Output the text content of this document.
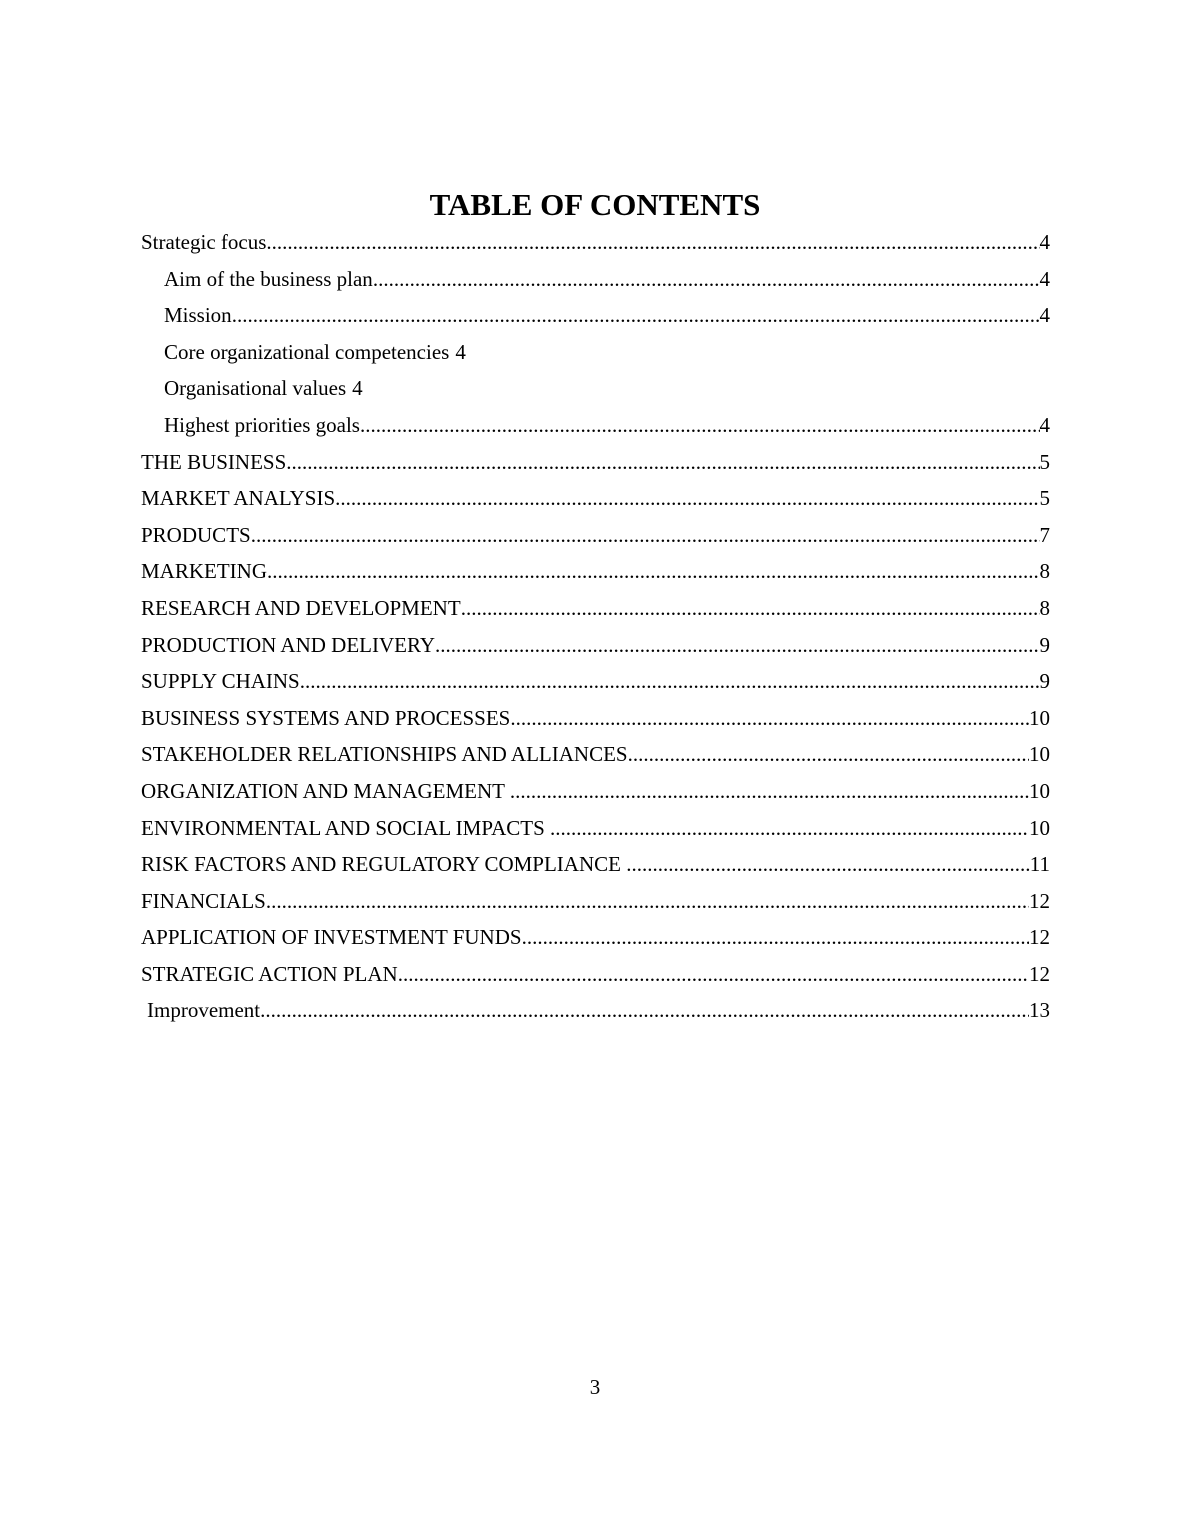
TABLE OF CONTENTS
Strategic focus .....	4
Aim of the business plan .....	4
Mission .....	4
Core organizational competencies 4
Organisational values 4
Highest priorities goals .....	4
THE BUSINESS .....	5
MARKET ANALYSIS .....	5
PRODUCTS .....	7
MARKETING .....	8
RESEARCH AND DEVELOPMENT .....	8
PRODUCTION AND DELIVERY .....	9
SUPPLY CHAINS .....	9
BUSINESS SYSTEMS AND PROCESSES .....	10
STAKEHOLDER RELATIONSHIPS AND ALLIANCES .....	10
ORGANIZATION AND MANAGEMENT .....	10
ENVIRONMENTAL AND SOCIAL IMPACTS .....	10
RISK FACTORS AND REGULATORY COMPLIANCE .....	11
FINANCIALS .....	12
APPLICATION OF INVESTMENT FUNDS .....	12
STRATEGIC ACTION PLAN .....	12
Improvement .....	13
3
